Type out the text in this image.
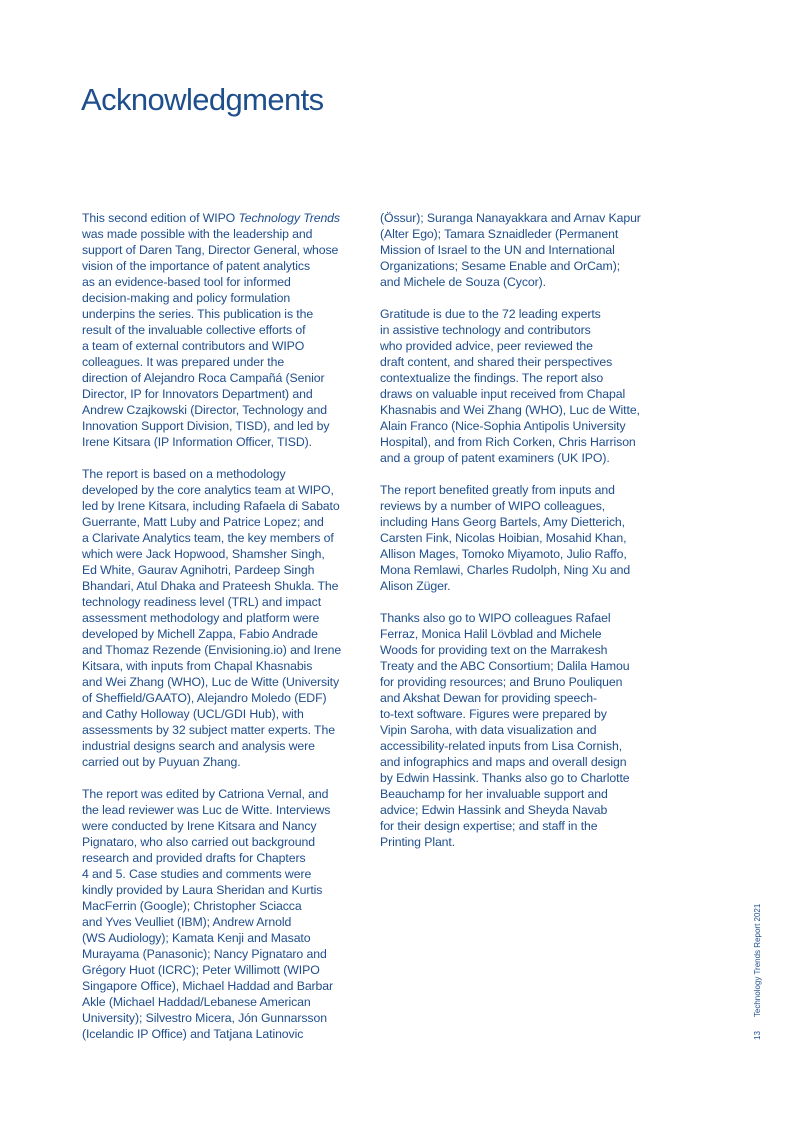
Acknowledgments

This second edition of WIPO Technology Trends
was made possible with the leadership and
support of Daren Tang, Director General, whose
vision of the importance of patent analytics
as an evidence-based tool for informed
decision-making and policy formulation
underpins the series. This publication is the
result of the invaluable collective efforts of
a team of external contributors and WIPO
colleagues. It was prepared under the
direction of Alejandro Roca Campañá (Senior
Director, IP for Innovators Department) and
Andrew Czajkowski (Director, Technology and
Innovation Support Division, TISD), and led by
Irene Kitsara (IP Information Officer, TISD).

The report is based on a methodology
developed by the core analytics team at WIPO,
led by Irene Kitsara, including Rafaela di Sabato
Guerrante, Matt Luby and Patrice Lopez; and
a Clarivate Analytics team, the key members of
which were Jack Hopwood, Shamsher Singh,
Ed White, Gaurav Agnihotri, Pardeep Singh
Bhandari, Atul Dhaka and Prateesh Shukla. The
technology readiness level (TRL) and impact
assessment methodology and platform were
developed by Michell Zappa, Fabio Andrade
and Thomaz Rezende (Envisioning.io) and Irene
Kitsara, with inputs from Chapal Khasnabis
and Wei Zhang (WHO), Luc de Witte (University
of Sheffield/GAATO), Alejandro Moledo (EDF)
and Cathy Holloway (UCL/GDI Hub), with
assessments by 32 subject matter experts. The
industrial designs search and analysis were
carried out by Puyuan Zhang.

The report was edited by Catriona Vernal, and
the lead reviewer was Luc de Witte. Interviews
were conducted by Irene Kitsara and Nancy
Pignataro, who also carried out background
research and provided drafts for Chapters
4 and 5. Case studies and comments were
kindly provided by Laura Sheridan and Kurtis
MacFerrin (Google); Christopher Sciacca
and Yves Veulliet (IBM); Andrew Arnold
(WS Audiology); Kamata Kenji and Masato
Murayama (Panasonic); Nancy Pignataro and
Grégory Huot (ICRC); Peter Willimott (WIPO
Singapore Office), Michael Haddad and Barbar
Akle (Michael Haddad/Lebanese American
University); Silvestro Micera, Jón Gunnarsson
(Icelandic IP Office) and Tatjana Latinovic

(Össur); Suranga Nanayakkara and Arnav Kapur
(Alter Ego); Tamara Sznaidleder (Permanent
Mission of Israel to the UN and International
Organizations; Sesame Enable and OrCam);
and Michele de Souza (Cycor).

Gratitude is due to the 72 leading experts
in assistive technology and contributors
who provided advice, peer reviewed the
draft content, and shared their perspectives
contextualize the findings. The report also
draws on valuable input received from Chapal
Khasnabis and Wei Zhang (WHO), Luc de Witte,
Alain Franco (Nice-Sophia Antipolis University
Hospital), and from Rich Corken, Chris Harrison
and a group of patent examiners (UK IPO).

The report benefited greatly from inputs and
reviews by a number of WIPO colleagues,
including Hans Georg Bartels, Amy Dietterich,
Carsten Fink, Nicolas Hoibian, Mosahid Khan,
Allison Mages, Tomoko Miyamoto, Julio Raffo,
Mona Remlawi, Charles Rudolph, Ning Xu and
Alison Züger.

Thanks also go to WIPO colleagues Rafael
Ferraz, Monica Halil Lövblad and Michele
Woods for providing text on the Marrakesh
Treaty and the ABC Consortium; Dalila Hamou
for providing resources; and Bruno Pouliquen
and Akshat Dewan for providing speech-
to-text software. Figures were prepared by
Vipin Saroha, with data visualization and
accessibility-related inputs from Lisa Cornish,
and infographics and maps and overall design
by Edwin Hassink. Thanks also go to Charlotte
Beauchamp for her invaluable support and
advice; Edwin Hassink and Sheyda Navab
for their design expertise; and staff in the
Printing Plant.

13Technology Trends Report 2021
